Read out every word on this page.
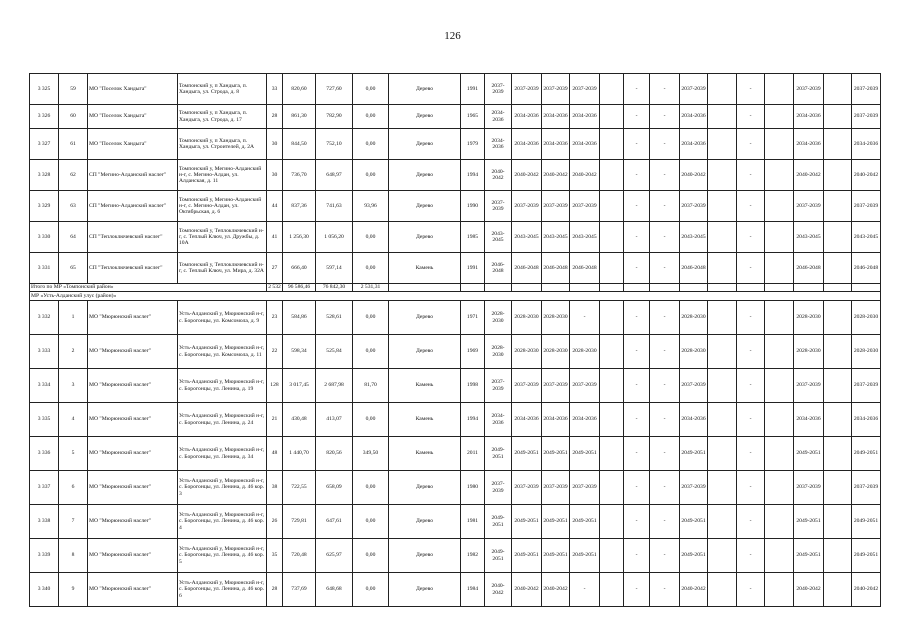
126
3 325	59	МО "Поселок Хандыга"	Томпонский у, п Хандыга, п. Хандыга, ул. Строда, д. 8	33	820,60	727,60	0,00	Дерево	1991	2037-2039	2037-2039	2037-2039	2037-2039		-	-	2037-2039		-		2037-2039		2037-2039
3 326	60	МО "Поселок Хандыга"	Томпонский у, п Хандыга, п. Хандыга, ул. Строда, д. 17	28	861,30	782,90	0,00	Дерево	1965	2034-2036	2034-2036	2034-2036	2034-2036		-	-	2034-2036		-		2034-2036		2037-2039
3 327	61	МО "Поселок Хандыга"	Томпонский у, п Хандыга, п. Хандыга, ул. Строителей, д. 2А	30	844,50	752,10	0,00	Дерево	1979	2034-2036	2034-2036	2034-2036	2034-2036		-	-	2034-2036		-		2034-2036		2034-2036
3 328	62	СП "Мегино-Алданский наслег"	Томпонский у, Мегино-Алданский н-г, с. Мегино-Алдан, ул. Алданская, д. 11	30	736,70	648,97	0,00	Дерево	1994	2040-2042	2040-2042	2040-2042	2040-2042		-	-	2040-2042		-		2040-2042		2040-2042
3 329	63	СП "Мегино-Алданский наслег"	Томпонский у, Мегино-Алданский н-г, с. Мегино-Алдан, ул. Октябрьская, д. 6	44	837,36	741,63	93,96	Дерево	1990	2037-2039	2037-2039	2037-2039	2037-2039		-	-	2037-2039		-		2037-2039		2037-2039
3 330	64	СП "Теплоключевский наслег"	Томпонский у, Теплоключевский н-г, с. Теплый Ключ, ул. Дружбы, д. 10А	41	1 256,30	1 056,20	0,00	Дерево	1985	2043-2045	2043-2045	2043-2045	2043-2045		-	-	2043-2045		-		2043-2045		2043-2045
3 331	65	СП "Теплоключевский наслег"	Томпонский у, Теплоключевский н-г, с. Теплый Ключ, ул. Мира, д. 32А	27	666,40	597,14	0,00	Камень	1991	2046-2048	2046-2048	2046-2048	2046-2048		-	-	2046-2048		-		2046-2048		2046-2048
Итого по МР «Томпонский район»				2 532	96 586,46	76 842,30	2 531,31																
МР «Усть-Алданский улус (район)»																							
3 332	1	МО "Мюрюнский наслег"	Усть-Алданский у, Мюрюнский н-г, с. Борогонцы, ул. Комсомола, д. 9	23	584,86	528,61	0,00	Дерево	1971	2028-2030	2028-2030	2028-2030	-		-	-	2028-2030		-		2028-2030		2028-2030
3 333	2	МО "Мюрюнский наслег"	Усть-Алданский у, Мюрюнский н-г, с. Борогонцы, ул. Комсомола, д. 11	22	598,34	525,84	0,00	Дерево	1969	2028-2030	2028-2030	2028-2030	2028-2030		-	-	2028-2030		-		2028-2030		2028-2030
3 334	3	МО "Мюрюнский наслег"	Усть-Алданский у, Мюрюнский н-г, с. Борогонцы, ул. Ленина, д. 19	128	3 017,45	2 687,98	81,70	Камень	1998	2037-2039	2037-2039	2037-2039	2037-2039		-	-	2037-2039		-		2037-2039		2037-2039
3 335	4	МО "Мюрюнский наслег"	Усть-Алданский у, Мюрюнский н-г, с. Борогонцы, ул. Ленина, д. 24	21	430,48	413,07	0,00	Камень	1994	2034-2036	2034-2036	2034-2036	2034-2036		-	-	2034-2036		-		2034-2036		2034-2036
3 336	5	МО "Мюрюнский наслег"	Усть-Алданский у, Мюрюнский н-г, с. Борогонцы, ул. Ленина, д. 34	48	1 440,70	820,56	349,50	Камень	2011	2049-2051	2049-2051	2049-2051	2049-2051		-	-	2049-2051		-		2049-2051		2049-2051
3 337	6	МО "Мюрюнский наслег"	Усть-Алданский у, Мюрюнский н-г, с. Борогонцы, ул. Ленина, д. 46 кор. 3	38	722,55	658,09	0,00	Дерево	1980	2037-2039	2037-2039	2037-2039	2037-2039		-	-	2037-2039		-		2037-2039		2037-2039
3 338	7	МО "Мюрюнский наслег"	Усть-Алданский у, Мюрюнский н-г, с. Борогонцы, ул. Ленина, д. 46 кор. 4	26	729,81	647,61	0,00	Дерево	1981	2049-2051	2049-2051	2049-2051	2049-2051		-	-	2049-2051		-		2049-2051		2049-2051
3 339	8	МО "Мюрюнский наслег"	Усть-Алданский у, Мюрюнский н-г, с. Борогонцы, ул. Ленина, д. 46 кор. 5	35	720,48	625,97	0,00	Дерево	1982	2049-2051	2049-2051	2049-2051	2049-2051		-	-	2049-2051		-		2049-2051		2049-2051
3 340	9	МО "Мюрюнский наслег"	Усть-Алданский у, Мюрюнский н-г, с. Борогонцы, ул. Ленина, д. 46 кор. 6	28	737,69	648,68	0,00	Дерево	1984	2040-2042	2040-2042	2040-2042	-		-	-	2040-2042		-		2040-2042		2040-2042
